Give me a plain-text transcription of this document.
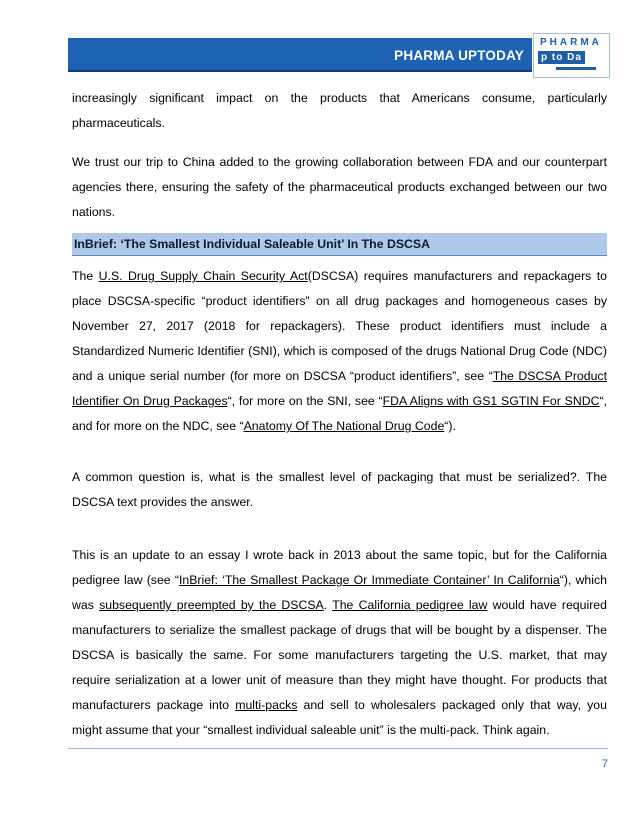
PHARMA UPTODAY
PHARMA
p to Da

increasingly significant impact on the products that Americans consume, particularly pharmaceuticals.

We trust our trip to China added to the growing collaboration between FDA and our counterpart agencies there, ensuring the safety of the pharmaceutical products exchanged between our two nations.

InBrief: ‘The Smallest Individual Saleable Unit’ In The DSCSA

The U.S. Drug Supply Chain Security Act(DSCSA) requires manufacturers and repackagers to place DSCSA-specific “product identifiers” on all drug packages and homogeneous cases by November 27, 2017 (2018 for repackagers). These product identifiers must include a Standardized Numeric Identifier (SNI), which is composed of the drugs National Drug Code (NDC) and a unique serial number (for more on DSCSA “product identifiers”, see “The DSCSA Product Identifier On Drug Packages“, for more on the SNI, see “FDA Aligns with GS1 SGTIN For SNDC“, and for more on the NDC, see “Anatomy Of The National Drug Code“).

A common question is, what is the smallest level of packaging that must be serialized?. The DSCSA text provides the answer.

This is an update to an essay I wrote back in 2013 about the same topic, but for the California pedigree law (see “InBrief: ‘The Smallest Package Or Immediate Container’ In California“), which was subsequently preempted by the DSCSA. The California pedigree law would have required manufacturers to serialize the smallest package of drugs that will be bought by a dispenser. The DSCSA is basically the same. For some manufacturers targeting the U.S. market, that may require serialization at a lower unit of measure than they might have thought. For products that manufacturers package into multi-packs and sell to wholesalers packaged only that way, you might assume that your “smallest individual saleable unit” is the multi-pack. Think again.

7
